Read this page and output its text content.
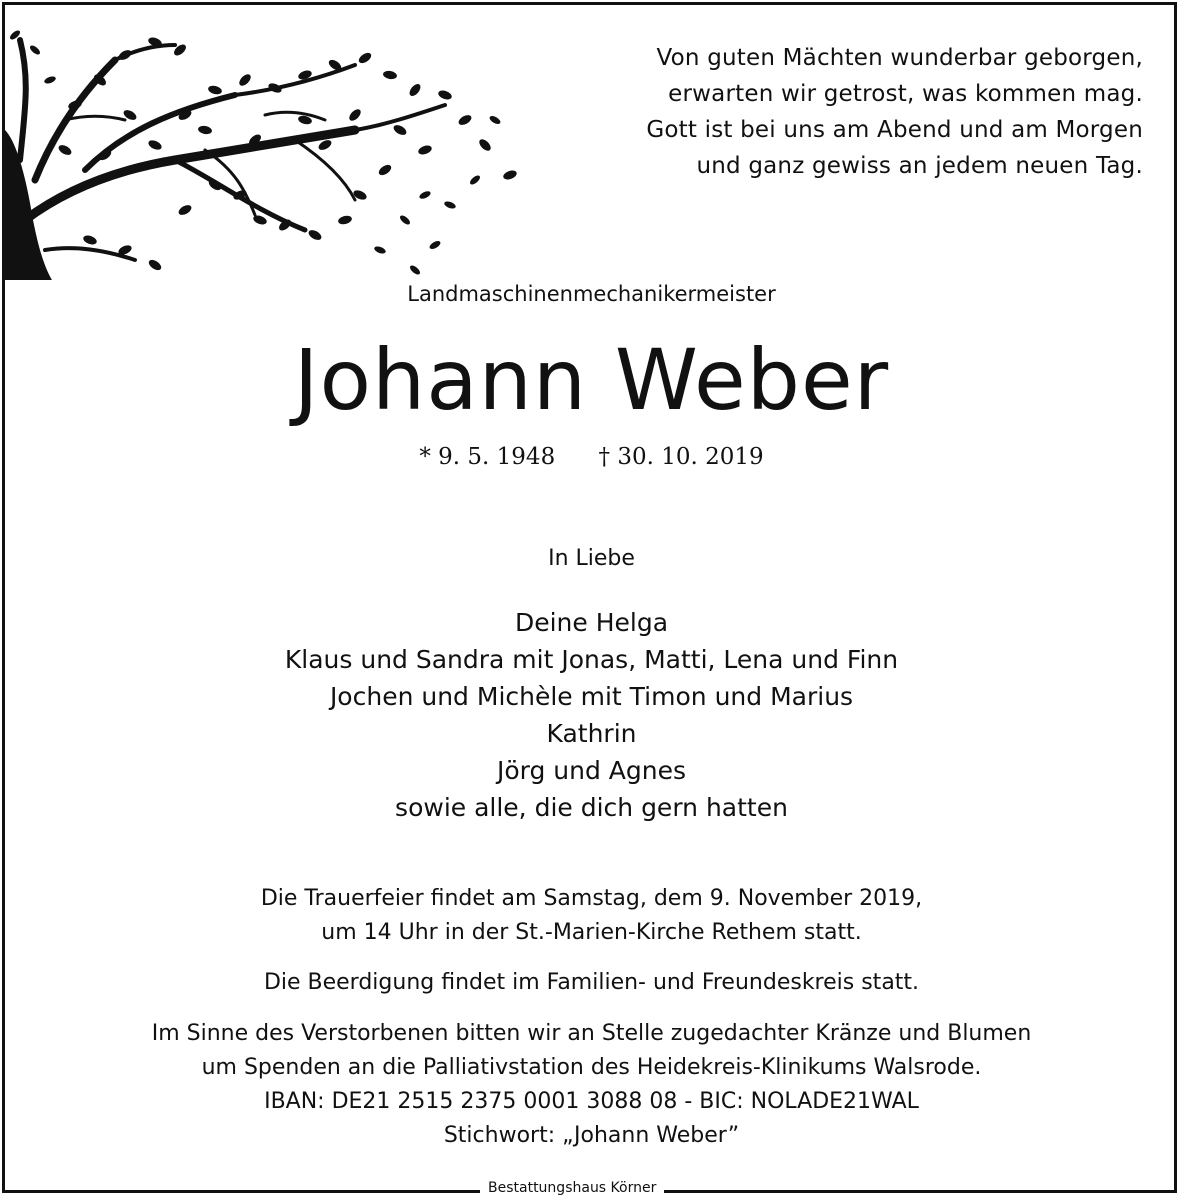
Von guten Mächten wunderbar geborgen,
erwarten wir getrost, was kommen mag.
Gott ist bei uns am Abend und am Morgen
und ganz gewiss an jedem neuen Tag.
Landmaschinenmechanikermeister
Johann Weber
* 9. 5. 1948 † 30. 10. 2019
In Liebe
Deine Helga
Klaus und Sandra mit Jonas, Matti, Lena und Finn
Jochen und Michèle mit Timon und Marius
Kathrin
Jörg und Agnes
sowie alle, die dich gern hatten
Die Trauerfeier findet am Samstag, dem 9. November 2019,
um 14 Uhr in der St.-Marien-Kirche Rethem statt.
Die Beerdigung findet im Familien- und Freundeskreis statt.
Im Sinne des Verstorbenen bitten wir an Stelle zugedachter Kränze und Blumen
um Spenden an die Palliativstation des Heidekreis-Klinikums Walsrode.
IBAN: DE21 2515 2375 0001 3088 08 - BIC: NOLADE21WAL
Stichwort: „Johann Weber”
Bestattungshaus Körner
